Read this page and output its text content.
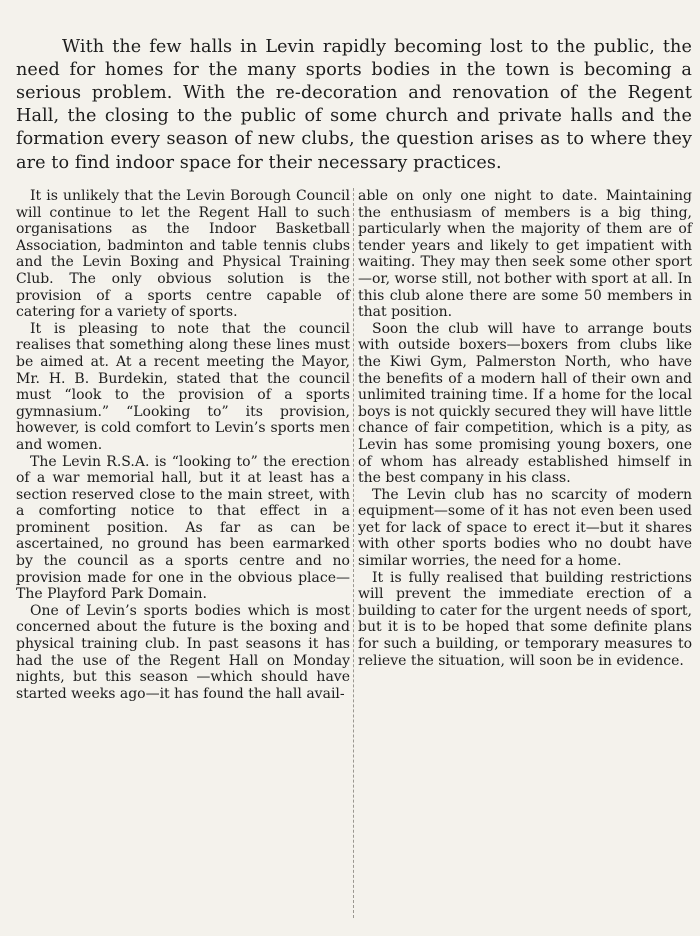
With the few halls in Levin rapidly becoming lost to the public, the need for homes for the many sports bodies in the town is becoming a serious problem. With the re-decoration and renovation of the Regent Hall, the closing to the public of some church and private halls and the formation every season of new clubs, the question arises as to where they are to find indoor space for their necessary practices.

It is unlikely that the Levin Borough Council will continue to let the Regent Hall to such organisations as the Indoor Basketball Association, badminton and table tennis clubs and the Levin Boxing and Physical Training Club. The only obvious solution is the provision of a sports centre capable of catering for a variety of sports.

It is pleasing to note that the council realises that something along these lines must be aimed at. At a recent meeting the Mayor, Mr. H. B. Burdekin, stated that the council must “look to the provision of a sports gymnasium.” “Looking to” its provision, however, is cold comfort to Levin’s sports men and women.

The Levin R.S.A. is “looking to” the erection of a war memorial hall, but it at least has a section reserved close to the main street, with a comforting notice to that effect in a prominent position. As far as can be ascertained, no ground has been earmarked by the council as a sports centre and no provision made for one in the obvious place—The Playford Park Domain.

One of Levin’s sports bodies which is most concerned about the future is the boxing and physical training club. In past seasons it has had the use of the Regent Hall on Monday nights, but this season —which should have started weeks ago—it has found the hall avail-

able on only one night to date. Maintaining the enthusiasm of members is a big thing, particularly when the majority of them are of tender years and likely to get impatient with waiting. They may then seek some other sport—or, worse still, not bother with sport at all. In this club alone there are some 50 members in that position.

Soon the club will have to arrange bouts with outside boxers—boxers from clubs like the Kiwi Gym, Palmerston North, who have the benefits of a modern hall of their own and unlimited training time. If a home for the local boys is not quickly secured they will have little chance of fair competition, which is a pity, as Levin has some promising young boxers, one of whom has already established himself in the best company in his class.

The Levin club has no scarcity of modern equipment—some of it has not even been used yet for lack of space to erect it—but it shares with other sports bodies who no doubt have similar worries, the need for a home.

It is fully realised that building restrictions will prevent the immediate erection of a building to cater for the urgent needs of sport, but it is to be hoped that some definite plans for such a building, or temporary measures to relieve the situation, will soon be in evidence.
